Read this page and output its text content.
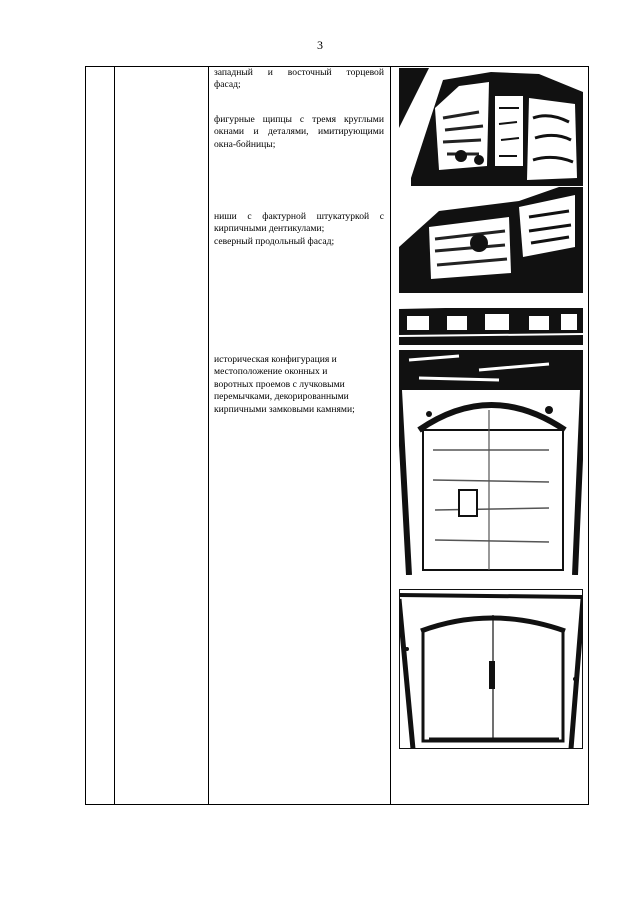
3
западный и восточный торцевой
фасад;
фигурные щипцы с тремя круглыми
окнами и деталями, имитирующими
окна-бойницы;
ниши с фактурной штукатуркой с
кирпичными дентикулами;
северный продольный фасад;
историческая конфигурация и
местоположение оконных и
воротных проемов с лучковыми
перемычками, декорированными
кирпичными замковыми камнями;
